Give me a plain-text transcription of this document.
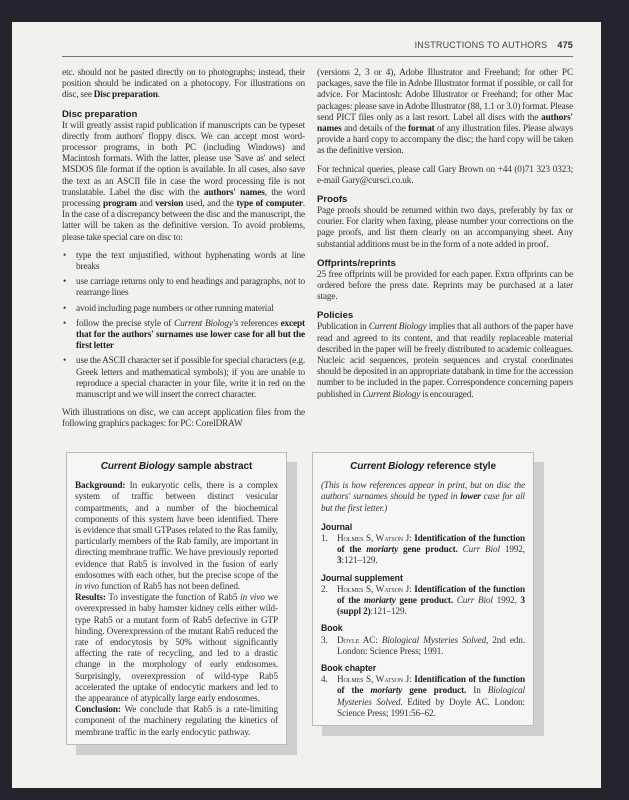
INSTRUCTIONS TO AUTHORS 475

etc. should not be pasted directly on to photographs; instead, their position should be indicated on a photocopy. For illustrations on disc, see Disc preparation.

Disc preparation

It will greatly assist rapid publication if manuscripts can be typeset directly from authors' floppy discs. We can accept most word-processor programs, in both PC (including Windows) and Macintosh formats. With the latter, please use 'Save as' and select MSDOS file format if the option is available. In all cases, also save the text as an ASCII file in case the word processing file is not translatable. Label the disc with the authors' names, the word processing program and version used, and the type of computer. In the case of a discrepancy between the disc and the manuscript, the latter will be taken as the definitive version. To avoid problems, please take special care on disc to:

• type the text unjustified, without hyphenating words at line breaks
• use carriage returns only to end headings and paragraphs, not to rearrange lines
• avoid including page numbers or other running material
• follow the precise style of Current Biology's references except that for the authors' surnames use lower case for all but the first letter
• use the ASCII character set if possible for special characters (e.g. Greek letters and mathematical symbols); if you are unable to reproduce a special character in your file, write it in red on the manuscript and we will insert the correct character.

With illustrations on disc, we can accept application files from the following graphics packages: for PC: CorelDRAW

(versions 2, 3 or 4), Adobe Illustrator and Freehand; for other PC packages, save the file in Adobe Illustrator format if possible, or call for advice. For Macintosh: Adobe Illustrator or Freehand; for other Mac packages: please save in Adobe Illustrator (88, 1.1 or 3.0) format. Please send PICT files only as a last resort. Label all discs with the authors' names and details of the format of any illustration files. Please always provide a hard copy to accompany the disc; the hard copy will be taken as the definitive version.

For technical queries, please call Gary Brown on +44 (0)71 323 0323; e-mail Gary@cursci.co.uk.

Proofs

Page proofs should be returned within two days, preferably by fax or courier. For clarity when faxing, please number your corrections on the page proofs, and list them clearly on an accompanying sheet. Any substantial additions must be in the form of a note added in proof.

Offprints/reprints

25 free offprints will be provided for each paper. Extra offprints can be ordered before the press date. Reprints may be purchased at a later stage.

Policies

Publication in Current Biology implies that all authors of the paper have read and agreed to its content, and that readily replaceable material described in the paper will be freely distributed to academic colleagues. Nucleic acid sequences, protein sequences and crystal coordinates should be deposited in an appropriate databank in time for the accession number to be included in the paper. Correspondence concerning papers published in Current Biology is encouraged.

Current Biology sample abstract
Background: In eukaryotic cells, there is a complex system of traffic between distinct vesicular compartments, and a number of the biochemical components of this system have been identified. There is evidence that small GTPases related to the Ras family, particularly members of the Rab family, are important in directing membrane traffic. We have previously reported evidence that Rab5 is involved in the fusion of early endosomes with each other, but the precise scope of the in vivo function of Rab5 has not been defined.
Results: To investigate the function of Rab5 in vivo we overexpressed in baby hamster kidney cells either wild-type Rab5 or a mutant form of Rab5 defective in GTP binding. Overexpression of the mutant Rab5 reduced the rate of endocytosis by 50% without significantly affecting the rate of recycling, and led to a drastic change in the morphology of early endosomes. Surprisingly, overexpression of wild-type Rab5 accelerated the uptake of endocytic markers and led to the appearance of atypically large early endosomes.
Conclusion: We conclude that Rab5 is a rate-limiting component of the machinery regulating the kinetics of membrane traffic in the early endocytic pathway.
Current Biology reference style
(This is how references appear in print, but on disc the authors' surnames should be typed in lower case for all but the first letter.)
Journal
1. Holmes S, Watson J: Identification of the function of the moriarty gene product. Curr Biol 1992, 3:121–129.
Journal supplement
2. Holmes S, Watson J: Identification of the function of the moriarty gene product. Curr Biol 1992, 3 (suppl 2):121–129.
Book
3. Doyle AC: Biological Mysteries Solved, 2nd edn. London: Science Press; 1991.
Book chapter
4. Holmes S, Watson J: Identification of the function of the moriarty gene product. In Biological Mysteries Solved. Edited by Doyle AC. London: Science Press; 1991:56–62.
